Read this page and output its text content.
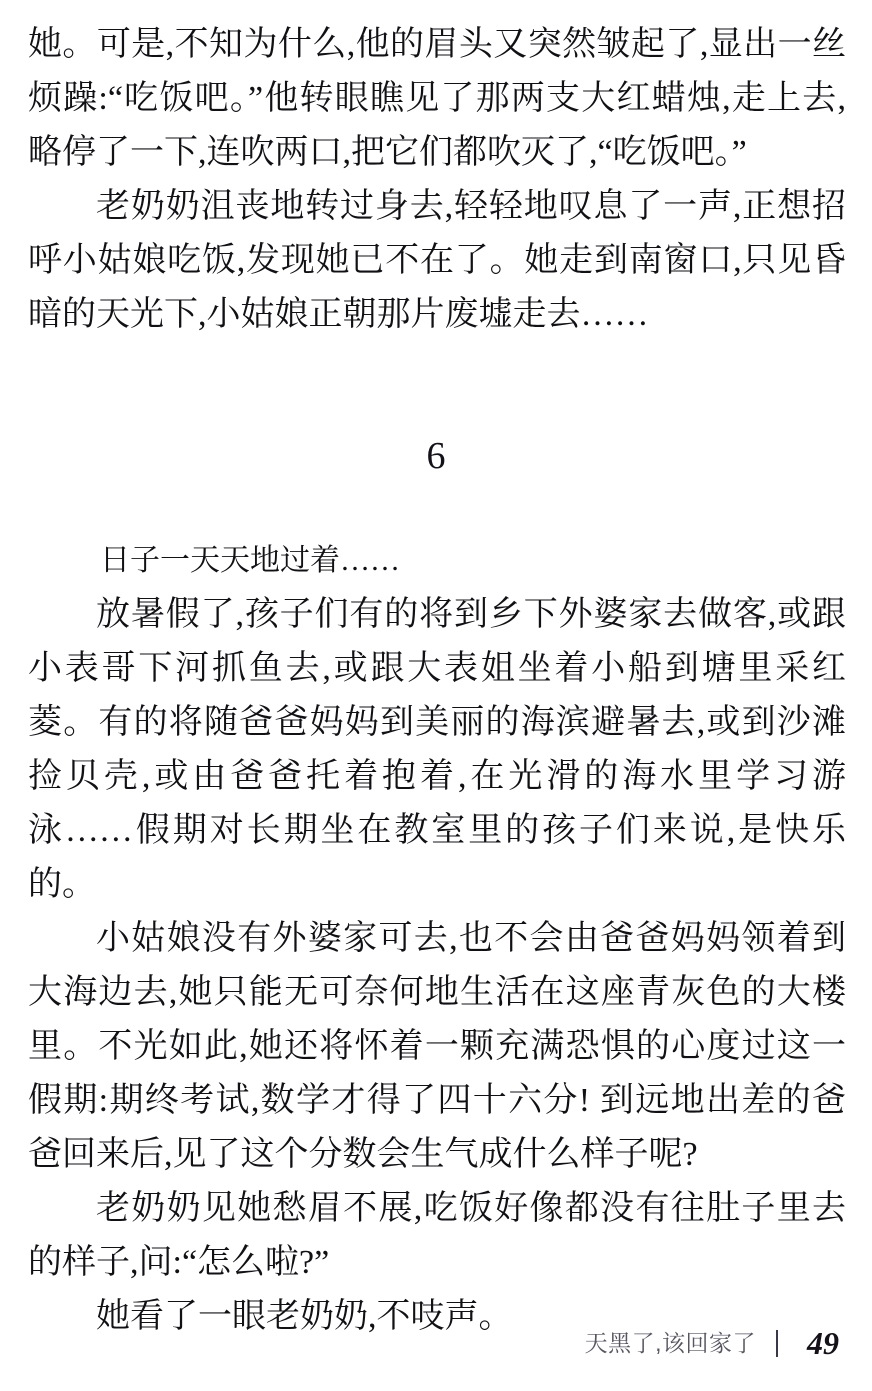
她。可是,不知为什么,他的眉头又突然皱起了,显出一丝烦躁:“吃饭吧。”他转眼瞧见了那两支大红蜡烛,走上去,略停了一下,连吹两口,把它们都吹灭了,“吃饭吧。”

老奶奶沮丧地转过身去,轻轻地叹息了一声,正想招呼小姑娘吃饭,发现她已不在了。她走到南窗口,只见昏暗的天光下,小姑娘正朝那片废墟走去……

6

日子一天天地过着……

放暑假了,孩子们有的将到乡下外婆家去做客,或跟小表哥下河抓鱼去,或跟大表姐坐着小船到塘里采红菱。有的将随爸爸妈妈到美丽的海滨避暑去,或到沙滩捡贝壳,或由爸爸托着抱着,在光滑的海水里学习游泳……假期对长期坐在教室里的孩子们来说,是快乐的。

小姑娘没有外婆家可去,也不会由爸爸妈妈领着到大海边去,她只能无可奈何地生活在这座青灰色的大楼里。不光如此,她还将怀着一颗充满恐惧的心度过这一假期:期终考试,数学才得了四十六分! 到远地出差的爸爸回来后,见了这个分数会生气成什么样子呢?

老奶奶见她愁眉不展,吃饭好像都没有往肚子里去的样子,问:“怎么啦?”

她看了一眼老奶奶,不吱声。

天黑了,该回家了 49
